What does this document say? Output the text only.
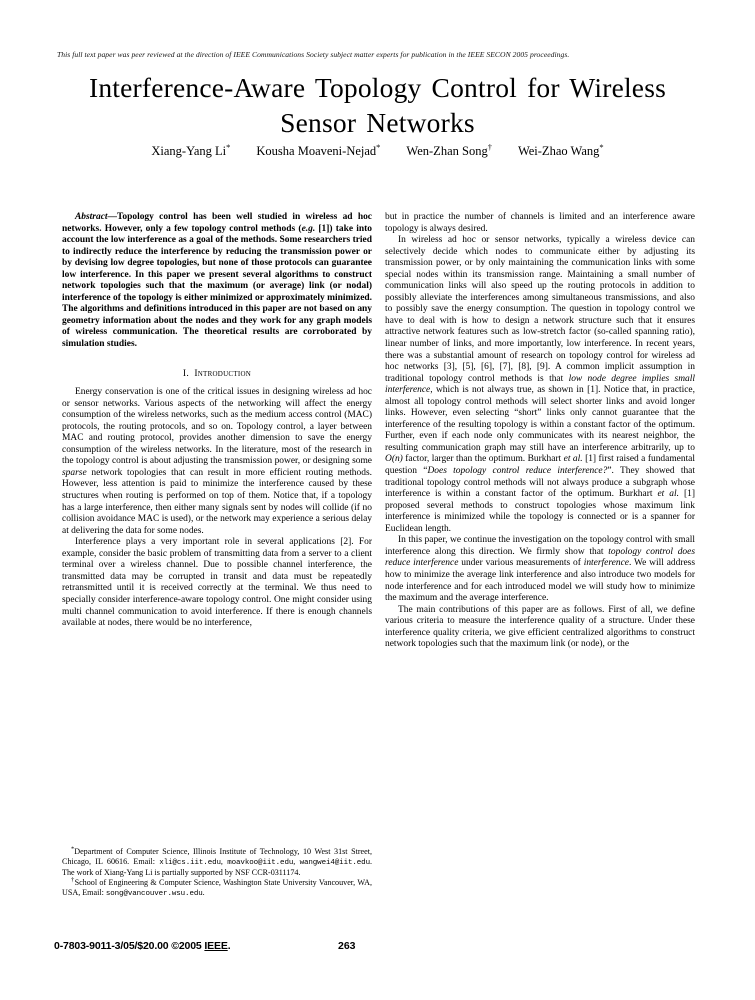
This full text paper was peer reviewed at the direction of IEEE Communications Society subject matter experts for publication in the IEEE SECON 2005 proceedings.
Interference-Aware Topology Control for Wireless
Sensor Networks
Xiang-Yang Li* Kousha Moaveni-Nejad* Wen-Zhan Song† Wei-Zhao Wang*

Abstract—Topology control has been well studied in wireless ad hoc networks. However, only a few topology control methods (e.g. [1]) take into account the low interference as a goal of the methods. Some researchers tried to indirectly reduce the interference by reducing the transmission power or by devising low degree topologies, but none of those protocols can guarantee low interference. In this paper we present several algorithms to construct network topologies such that the maximum (or average) link (or nodal) interference of the topology is either minimized or approximately minimized. The algorithms and definitions introduced in this paper are not based on any geometry information about the nodes and they work for any graph models of wireless communication. The theoretical results are corroborated by simulation studies.

I. Introduction

Energy conservation is one of the critical issues in designing wireless ad hoc or sensor networks. Various aspects of the networking will affect the energy consumption of the wireless networks, such as the medium access control (MAC) protocols, the routing protocols, and so on. Topology control, a layer between MAC and routing protocol, provides another dimension to save the energy consumption of the wireless networks. In the literature, most of the research in the topology control is about adjusting the transmission power, or designing some sparse network topologies that can result in more efficient routing methods. However, less attention is paid to minimize the interference caused by these structures when routing is performed on top of them. Notice that, if a topology has a large interference, then either many signals sent by nodes will collide (if no collision avoidance MAC is used), or the network may experience a serious delay at delivering the data for some nodes.

Interference plays a very important role in several applications [2]. For example, consider the basic problem of transmitting data from a server to a client terminal over a wireless channel. Due to possible channel interference, the transmitted data may be corrupted in transit and data must be repeatedly retransmitted until it is received correctly at the terminal. We thus need to specially consider interference-aware topology control. One might consider using multi channel communication to avoid interference. If there is enough channels available at nodes, there would be no interference,

but in practice the number of channels is limited and an interference aware topology is always desired.

In wireless ad hoc or sensor networks, typically a wireless device can selectively decide which nodes to communicate either by adjusting its transmission power, or by only maintaining the communication links with some special nodes within its transmission range. Maintaining a small number of communication links will also speed up the routing protocols in addition to possibly alleviate the interferences among simultaneous transmissions, and also to possibly save the energy consumption. The question in topology control we have to deal with is how to design a network structure such that it ensures attractive network features such as low-stretch factor (so-called spanning ratio), linear number of links, and more importantly, low interference. In recent years, there was a substantial amount of research on topology control for wireless ad hoc networks [3], [5], [6], [7], [8], [9]. A common implicit assumption in traditional topology control methods is that low node degree implies small interference, which is not always true, as shown in [1]. Notice that, in practice, almost all topology control methods will select shorter links and avoid longer links. However, even selecting “short” links only cannot guarantee that the interference of the resulting topology is within a constant factor of the optimum. Further, even if each node only communicates with its nearest neighbor, the resulting communication graph may still have an interference arbitrarily, up to O(n) factor, larger than the optimum. Burkhart et al. [1] first raised a fundamental question “Does topology control reduce interference?”. They showed that traditional topology control methods will not always produce a subgraph whose interference is within a constant factor of the optimum. Burkhart et al. [1] proposed several methods to construct topologies whose maximum link interference is minimized while the topology is connected or is a spanner for Euclidean length.

In this paper, we continue the investigation on the topology control with small interference along this direction. We firmly show that topology control does reduce interference under various measurements of interference. We will address how to minimize the average link interference and also introduce two models for node interference and for each introduced model we will study how to minimize the maximum and the average interference.

The main contributions of this paper are as follows. First of all, we define various criteria to measure the interference quality of a structure. Under these interference quality criteria, we give efficient centralized algorithms to construct network topologies such that the maximum link (or node), or the

*Department of Computer Science, Illinois Institute of Technology, 10 West 31st Street, Chicago, IL 60616. Email: xli@cs.iit.edu, moavkoo@iit.edu, wangwei4@iit.edu. The work of Xiang-Yang Li is partially supported by NSF CCR-0311174.

†School of Engineering & Computer Science, Washington State University Vancouver, WA, USA, Email: song@vancouver.wsu.edu.

0-7803-9011-3/05/$20.00 ©2005 IEEE.	263
